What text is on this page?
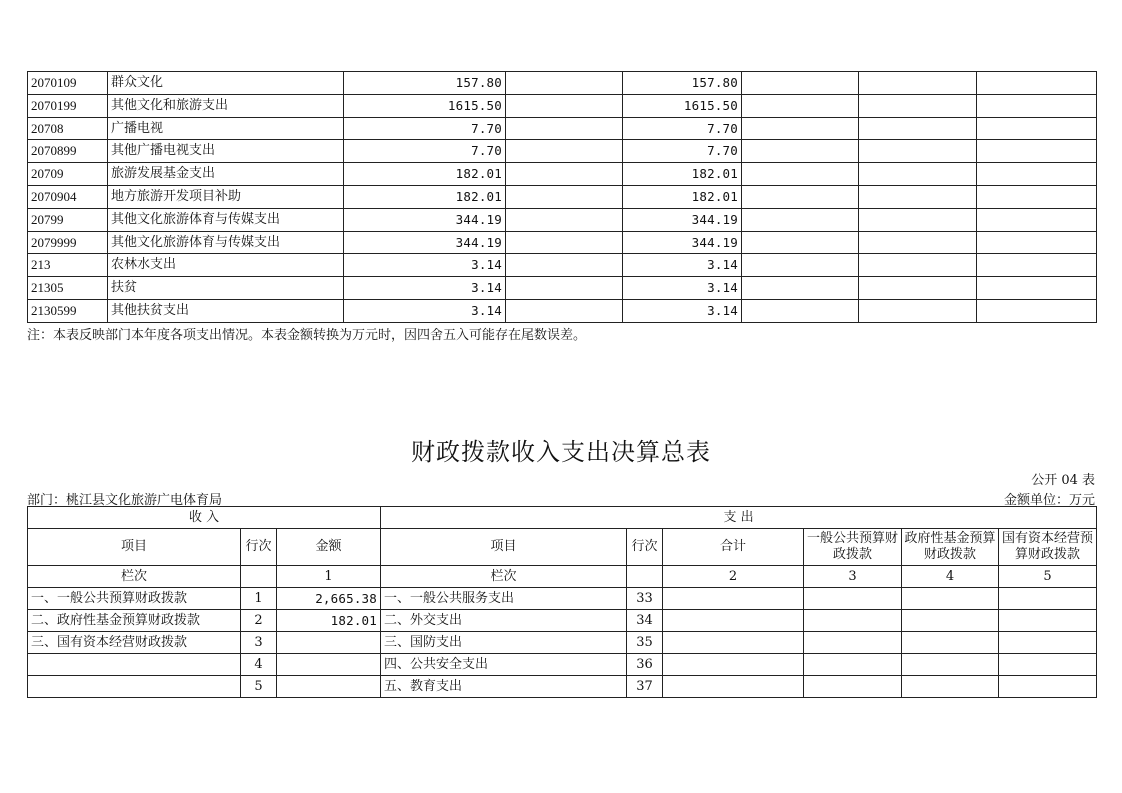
2070109	群众文化	157.80		157.80			
2070199	其他文化和旅游支出	1615.50		1615.50			
20708	广播电视	7.70		7.70			
2070899	其他广播电视支出	7.70		7.70			
20709	旅游发展基金支出	182.01		182.01			
2070904	地方旅游开发项目补助	182.01		182.01			
20799	其他文化旅游体育与传媒支出	344.19		344.19			
2079999	其他文化旅游体育与传媒支出	344.19		344.19			
213	农林水支出	3.14		3.14			
21305	扶贫	3.14		3.14			
2130599	其他扶贫支出	3.14		3.14			
注：本表反映部门本年度各项支出情况。本表金额转换为万元时，因四舍五入可能存在尾数误差。
财政拨款收入支出决算总表
公开 04 表
部门：桃江县文化旅游广电体育局	金额单位：万元
收 入			支 出					
项目	行次	金额	项目	行次	合计	一般公共预算财政拨款	政府性基金预算财政拨款	国有资本经营预算财政拨款
栏次		1	栏次		2	3	4	5
一、一般公共预算财政拨款	1	2,665.38	一、一般公共服务支出	33				
二、政府性基金预算财政拨款	2	182.01	二、外交支出	34				
三、国有资本经营财政拨款	3		三、国防支出	35				
	4		四、公共安全支出	36				
	5		五、教育支出	37				
